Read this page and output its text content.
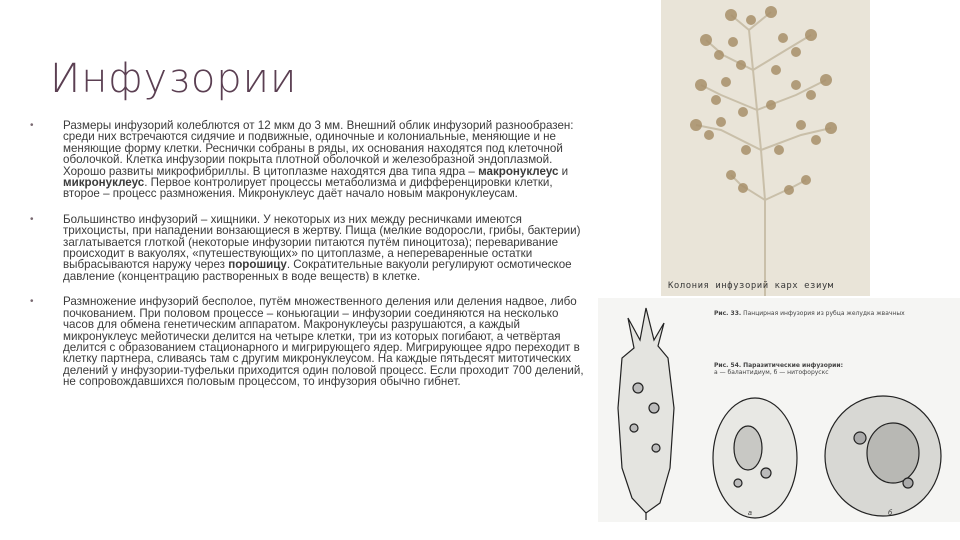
Инфузории

•	Размеры инфузорий колеблются от 12 мкм до 3 мм. Внешний облик инфузорий разнообразен: среди них встречаются сидячие и подвижные, одиночные и колониальные, меняющие и не меняющие форму клетки. Реснички собраны в ряды, их основания находятся под клеточной оболочкой. Клетка инфузории покрыта плотной оболочкой и железобразной эндоплазмой. Хорошо развиты микрофибриллы. В цитоплазме находятся два типа ядра – макронуклеус и микронуклеус. Первое контролирует процессы метаболизма и дифференцировки клетки, второе – процесс размножения. Микронуклеус даёт начало новым макронуклеусам.

•	Большинство инфузорий – хищники. У некоторых из них между ресничками имеются трихоцисты, при нападении вонзающиеся в жертву. Пища (мелкие водоросли, грибы, бактерии) заглатывается глоткой (некоторые инфузории питаются путём пиноцитоза); переваривание происходит в вакуолях, «путешествующих» по цитоплазме, а непереваренные остатки выбрасываются наружу через порошицу. Сократительные вакуоли регулируют осмотическое давление (концентрацию растворенных в воде веществ) в клетке.

•	Размножение инфузорий бесполое, путём множественного деления или деления надвое, либо почкованием. При половом процессе – коньюгации – инфузории соединяются на несколько часов для обмена генетическим аппаратом. Макронуклеусы разрушаются, а каждый микронуклеус мейотически делится на четыре клетки, три из которых погибают, а четвёртая делится с образованием стационарного и мигрирующего ядер. Мигрирующее ядро переходит в клетку партнера, сливаясь там с другим микронуклеусом. На каждые пятьдесят митотических делений у инфузории-туфельки приходится один половой процесс. Если проходит 700 делений, не сопровождавшихся половым процессом, то инфузория обычно гибнет.

Колония инфузорий карх езиум
Рис. 33. Панцирная инфузория из рубца желудка жвачных
Рис. 54. Паразитические инфузории:
а — балантидиум, б — нитофорускс
а	б
